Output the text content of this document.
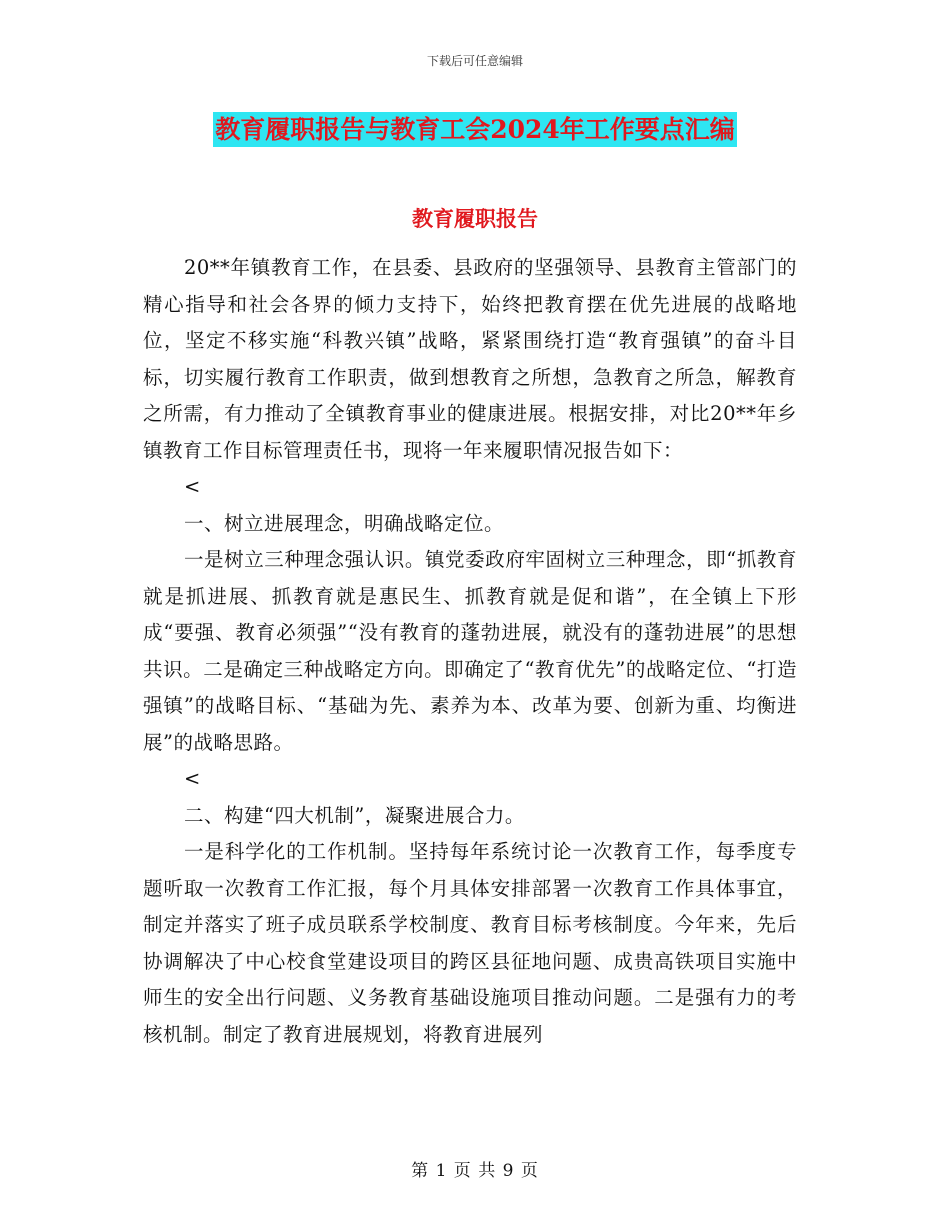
下载后可任意编辑
教育履职报告与教育工会2024年工作要点汇编
教育履职报告

20**年镇教育工作，在县委、县政府的坚强领导、县教育主管部门的精心指导和社会各界的倾力支持下，始终把教育摆在优先进展的战略地位，坚定不移实施“科教兴镇”战略，紧紧围绕打造“教育强镇”的奋斗目标，切实履行教育工作职责，做到想教育之所想，急教育之所急，解教育之所需，有力推动了全镇教育事业的健康进展。根据安排，对比20**年乡镇教育工作目标管理责任书，现将一年来履职情况报告如下：

<

一、树立进展理念，明确战略定位。

一是树立三种理念强认识。镇党委政府牢固树立三种理念，即“抓教育就是抓进展、抓教育就是惠民生、抓教育就是促和谐”，在全镇上下形成“要强、教育必须强”“没有教育的蓬勃进展，就没有的蓬勃进展”的思想共识。二是确定三种战略定方向。即确定了“教育优先”的战略定位、“打造强镇”的战略目标、“基础为先、素养为本、改革为要、创新为重、均衡进展”的战略思路。

<

二、构建“四大机制”，凝聚进展合力。

一是科学化的工作机制。坚持每年系统讨论一次教育工作，每季度专题听取一次教育工作汇报，每个月具体安排部署一次教育工作具体事宜，制定并落实了班子成员联系学校制度、教育目标考核制度。今年来，先后协调解决了中心校食堂建设项目的跨区县征地问题、成贵高铁项目实施中师生的安全出行问题、义务教育基础设施项目推动问题。二是强有力的考核机制。制定了教育进展规划，将教育进展列

第 1 页 共 9 页
